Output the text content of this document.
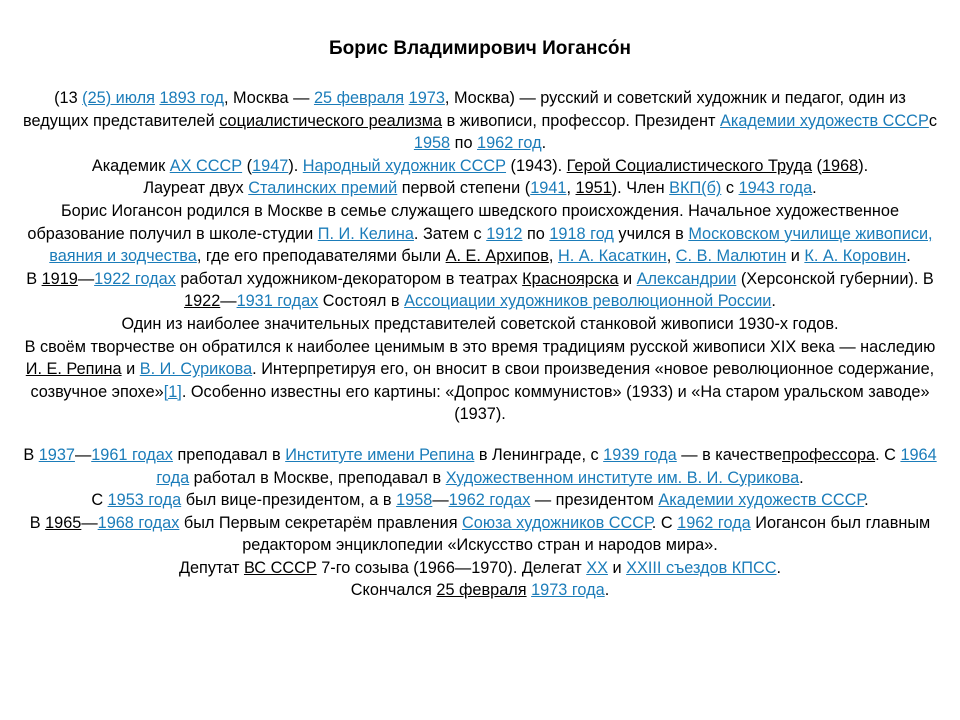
Борис Владимирович Иогансо́н

(13 (25) июля 1893 год, Москва — 25 февраля 1973, Москва) — русский и советский художник и педагог, один из ведущих представителей социалистического реализма в живописи, профессор. Президент Академии художеств СССРс 1958 по 1962 год.

Академик АХ СССР (1947). Народный художник СССР (1943). Герой Социалистического Труда (1968).

Лауреат двух Сталинских премий первой степени (1941, 1951). Член ВКП(б) с 1943 года.

Борис Иогансон родился в Москве в семье служащего шведского происхождения. Начальное художественное образование получил в школе-студии П. И. Келина. Затем с 1912 по 1918 год учился в Московском училище живописи, ваяния и зодчества, где его преподавателями были А. Е. Архипов, Н. А. Касаткин, С. В. Малютин и К. А. Коровин.

В 1919—1922 годах работал художником-декоратором в театрах Красноярска и Александрии (Херсонской губернии). В 1922—1931 годах Состоял в Ассоциации художников революционной России.

Один из наиболее значительных представителей советской станковой живописи 1930-х годов.

В своём творчестве он обратился к наиболее ценимым в это время традициям русской живописи XIX века — наследию И. Е. Репина и В. И. Сурикова. Интерпретируя его, он вносит в свои произведения «новое революционное содержание, созвучное эпохе»[1]. Особенно известны его картины: «Допрос коммунистов» (1933) и «На старом уральском заводе» (1937).

В 1937—1961 годах преподавал в Институте имени Репина в Ленинграде, с 1939 года — в качествепрофессора. С 1964 года работал в Москве, преподавал в Художественном институте им. В. И. Сурикова.

С 1953 года был вице-президентом, а в 1958—1962 годах — президентом Академии художеств СССР.

В 1965—1968 годах был Первым секретарём правления Союза художников СССР. С 1962 года Иогансон был главным редактором энциклопедии «Искусство стран и народов мира».

Депутат ВС СССР 7-го созыва (1966—1970). Делегат XX и XXIII съездов КПСС.

Скончался 25 февраля 1973 года.
